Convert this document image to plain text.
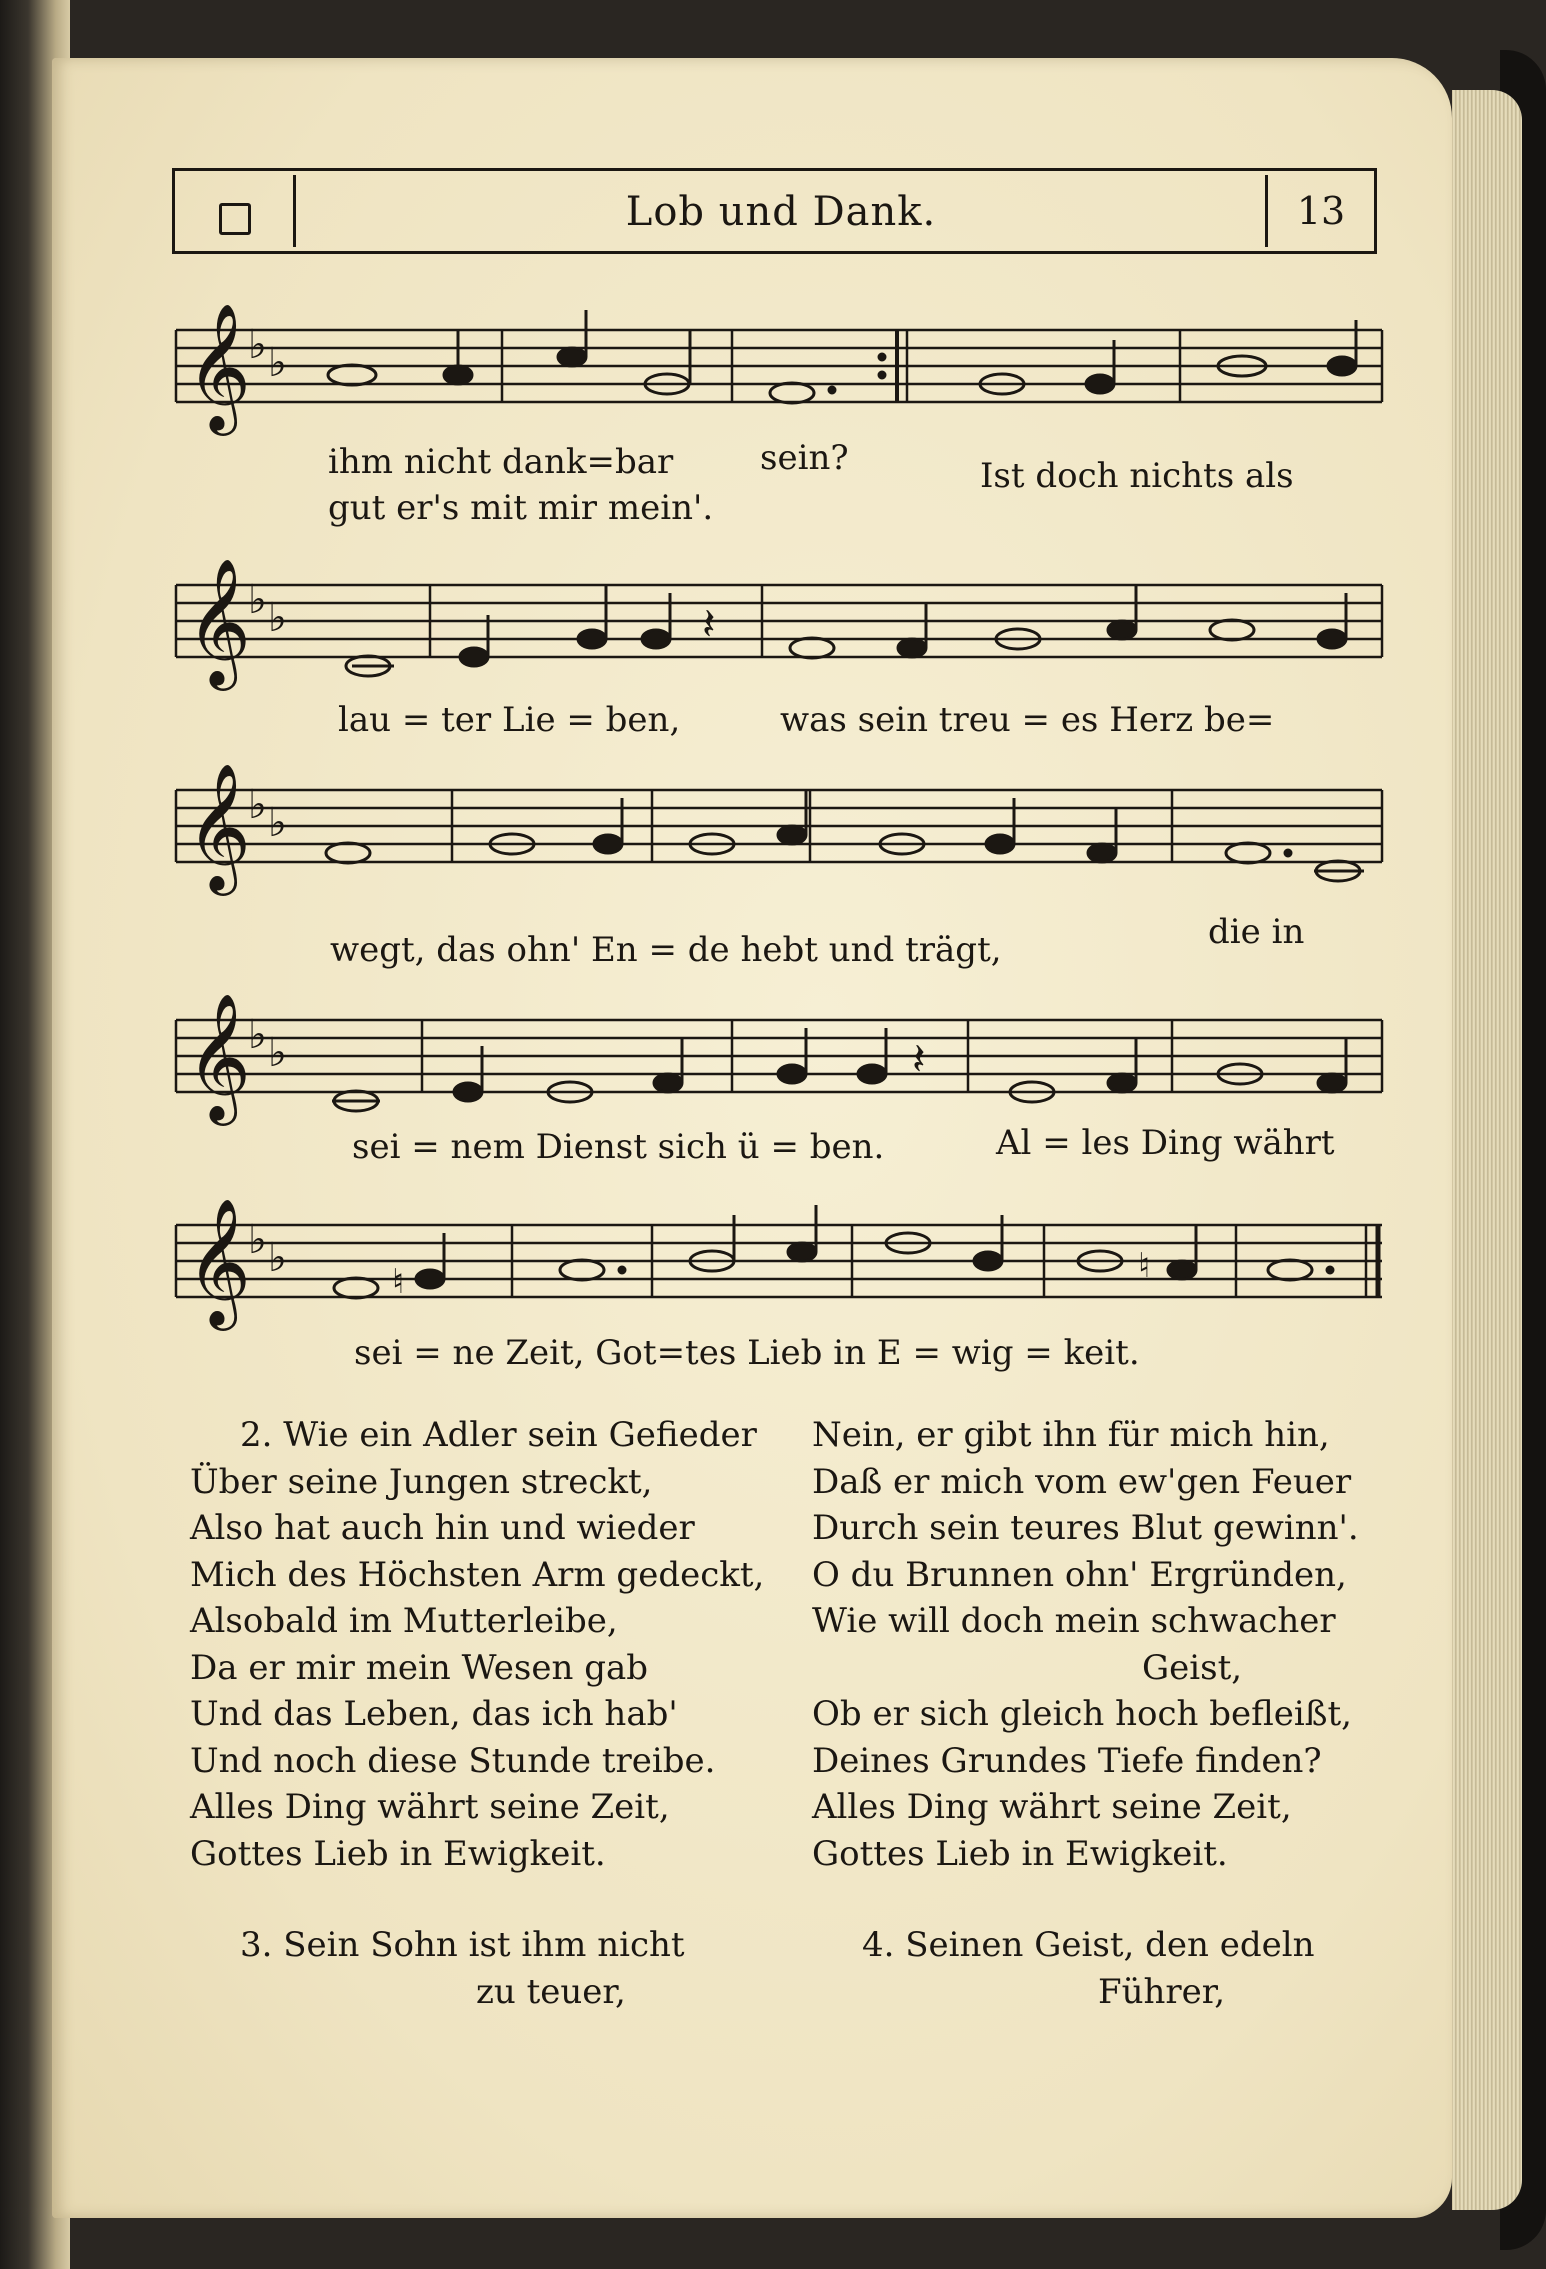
Lob und Dank.	13
𝄞
♭ ♭
ihm nicht dank=bar	sein?
gut er's mit mir mein'.
Ist doch nichts als
𝄞
♭ ♭	𝄽
lau = ter Lie = ben,	was sein treu = es Herz be=
𝄞
♭ ♭
wegt, das ohn' En = de hebt und trägt,	die in
𝄞
♭ ♭	𝄽
sei = nem Dienst sich ü = ben.	Al = les Ding währt
𝄞
♭ ♭
♮	♮
sei = ne Zeit, Got=tes Lieb in E = wig = keit.
2. Wie ein Adler sein Gefieder
Über seine Jungen streckt,
Also hat auch hin und wieder
Mich des Höchsten Arm gedeckt,
Alsobald im Mutterleibe,
Da er mir mein Wesen gab
Und das Leben, das ich hab'
Und noch diese Stunde treibe.
Alles Ding währt seine Zeit,
Gottes Lieb in Ewigkeit.
Nein, er gibt ihn für mich hin,
Daß er mich vom ew'gen Feuer
Durch sein teures Blut gewinn'.
O du Brunnen ohn' Ergründen,
Wie will doch mein schwacher
Geist,
Ob er sich gleich hoch befleißt,
Deines Grundes Tiefe finden?
Alles Ding währt seine Zeit,
Gottes Lieb in Ewigkeit.
3. Sein Sohn ist ihm nicht
zu teuer,
4. Seinen Geist, den edeln
Führer,
